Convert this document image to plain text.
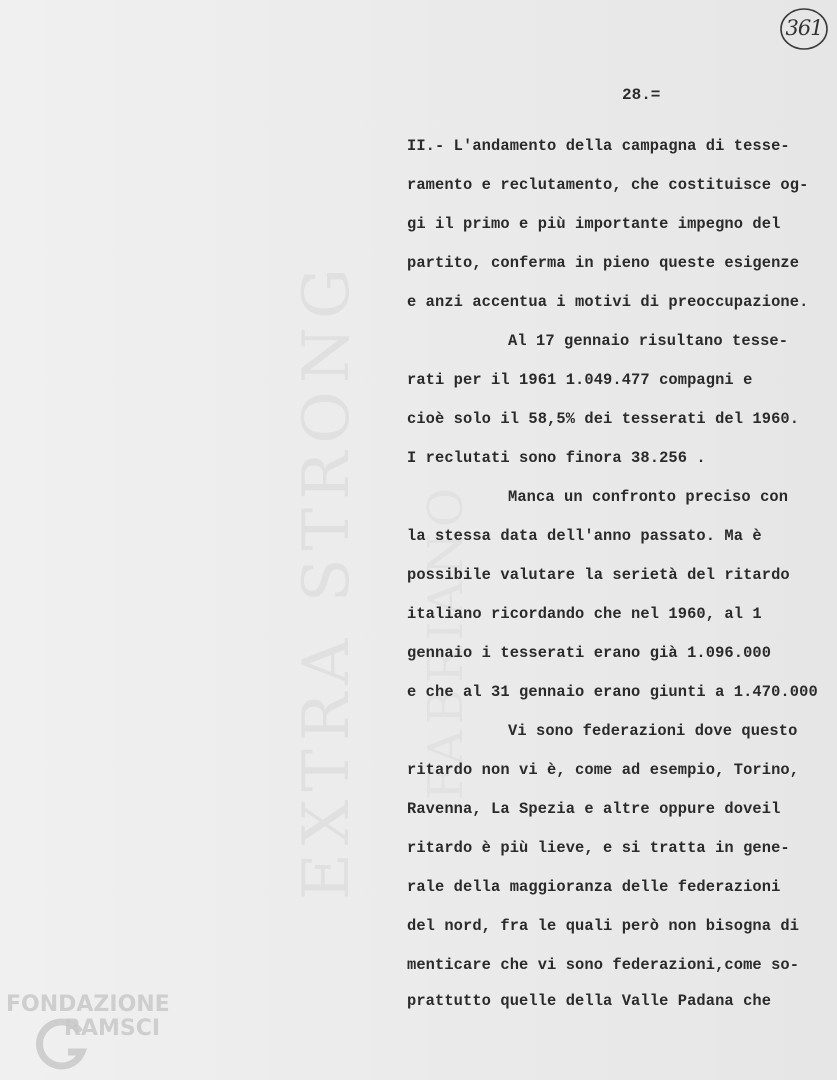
EXTRA STRONG FABRIANO
361
28.=
II.- L'andamento della campagna di tesse-
ramento e reclutamento, che costituisce og-
gi il primo e più importante impegno del
partito, conferma in pieno queste esigenze
e anzi accentua i motivi di preoccupazione.
Al 17 gennaio risultano tesse-
rati per il 1961 1.049.477 compagni e
cioè solo il 58,5% dei tesserati del 1960.
I reclutati sono finora 38.256 .
Manca un confronto preciso con
la stessa data dell'anno passato. Ma è
possibile valutare la serietà del ritardo
italiano ricordando che nel 1960, al 1
gennaio i tesserati erano già 1.096.000
e che al 31 gennaio erano giunti a 1.470.000
Vi sono federazioni dove questo
ritardo non vi è, come ad esempio, Torino,
Ravenna, La Spezia e altre oppure doveil
ritardo è più lieve, e si tratta in gene-
rale della maggioranza delle federazioni
del nord, fra le quali però non bisogna di
menticare che vi sono federazioni,come so-
prattutto quelle della Valle Padana che
FONDAZIONE
RAMSCI
